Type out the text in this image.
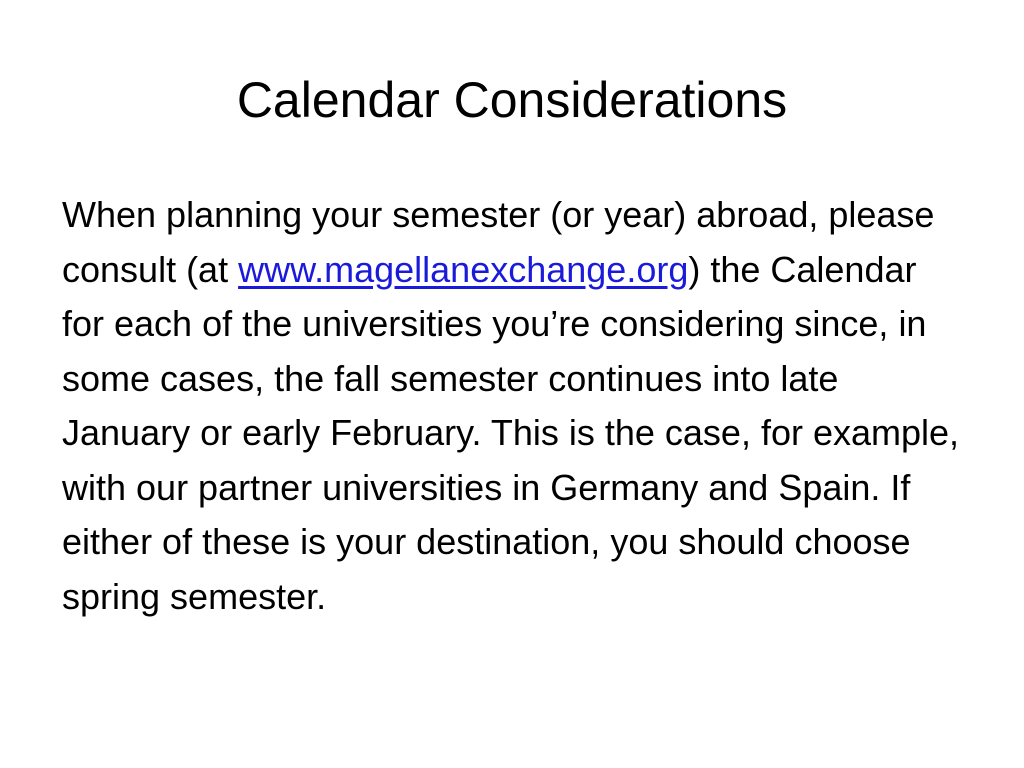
Calendar Considerations

When planning your semester (or year) abroad, please consult (at www.magellanexchange.org) the Calendar for each of the universities you’re considering since, in some cases, the fall semester continues into late January or early February. This is the case, for example, with our partner universities in Germany and Spain. If either of these is your destination, you should choose spring semester.
